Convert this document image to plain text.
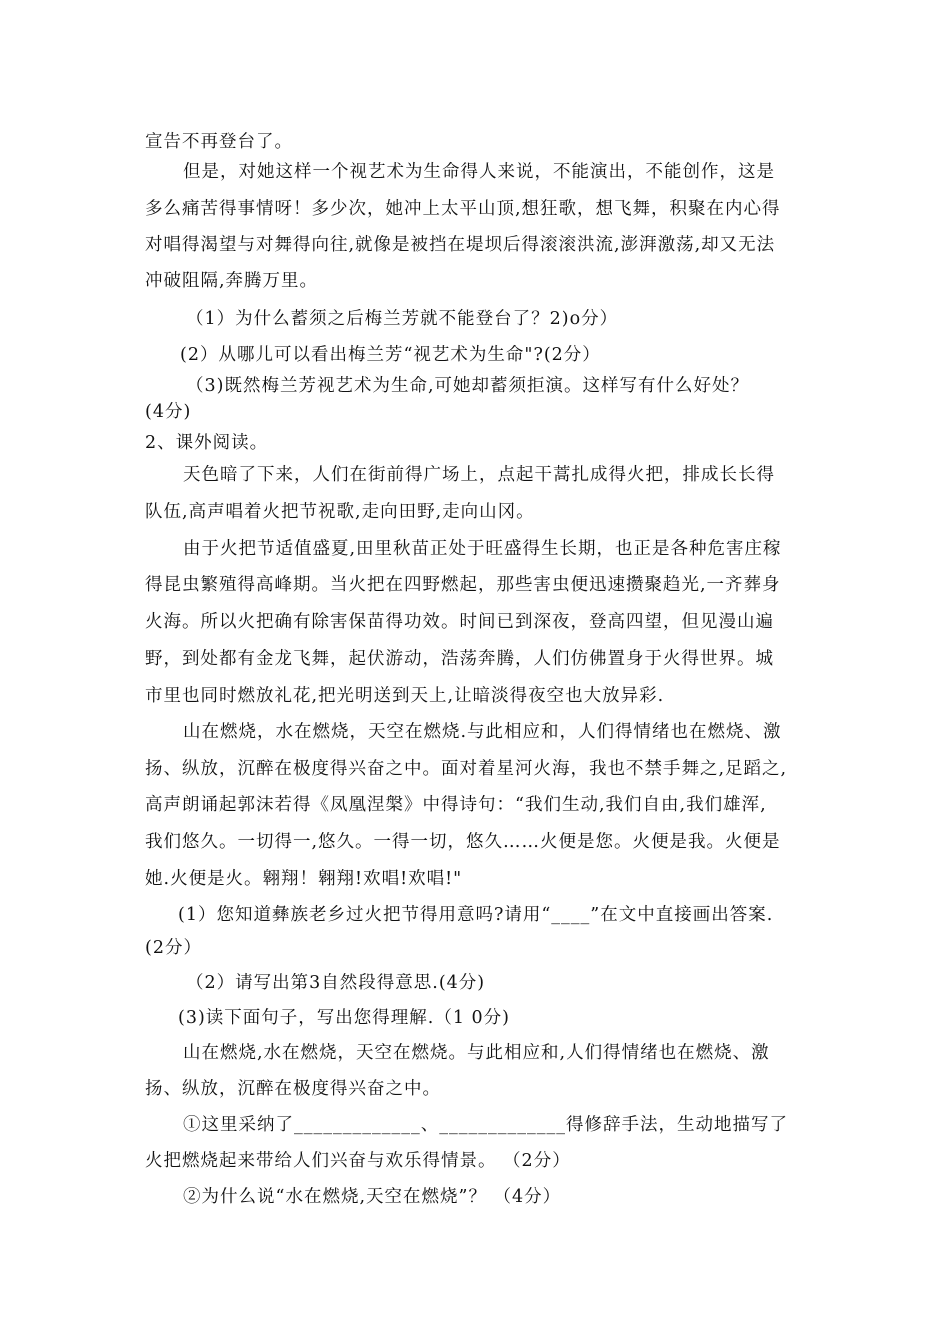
宣告不再登台了。
但是，对她这样一个视艺术为生命得人来说，不能演出，不能创作，这是
多么痛苦得事情呀！多少次，她冲上太平山顶,想狂歌，想飞舞，积聚在内心得
对唱得渴望与对舞得向往,就像是被挡在堤坝后得滚滚洪流,澎湃激荡,却又无法
冲破阻隔,奔腾万里。
（1）为什么蓄须之后梅兰芳就不能登台了？2)o分）
(2）从哪儿可以看出梅兰芳“视艺术为生命"?(2分）
（3)既然梅兰芳视艺术为生命,可她却蓄须拒演。这样写有什么好处？
(4分)
2、课外阅读。
天色暗了下来，人们在街前得广场上，点起干蒿扎成得火把，排成长长得
队伍,高声唱着火把节祝歌,走向田野,走向山冈。
由于火把节适值盛夏,田里秋苗正处于旺盛得生长期，也正是各种危害庄稼
得昆虫繁殖得高峰期。当火把在四野燃起，那些害虫便迅速攒聚趋光,一齐葬身
火海。所以火把确有除害保苗得功效。时间已到深夜，登高四望，但见漫山遍
野，到处都有金龙飞舞，起伏游动，浩荡奔腾，人们仿佛置身于火得世界。城
市里也同时燃放礼花,把光明送到天上,让暗淡得夜空也大放异彩.
山在燃烧，水在燃烧，天空在燃烧.与此相应和，人们得情绪也在燃烧、激
扬、纵放，沉醉在极度得兴奋之中。面对着星河火海，我也不禁手舞之,足蹈之,
高声朗诵起郭沫若得《凤凰涅槃》中得诗句：“我们生动,我们自由,我们雄浑,
我们悠久。一切得一,悠久。一得一切，悠久……火便是您。火便是我。火便是
她.火便是火。翱翔！翱翔!欢唱!欢唱!"
(1）您知道彝族老乡过火把节得用意吗?请用“____”在文中直接画出答案.
(2分）
（2）请写出第3自然段得意思.(4分)
(3)读下面句子，写出您得理解.（1 0分)
山在燃烧,水在燃烧，天空在燃烧。与此相应和,人们得情绪也在燃烧、激
扬、纵放，沉醉在极度得兴奋之中。
①这里采纳了_____________、_____________得修辞手法，生动地描写了
火把燃烧起来带给人们兴奋与欢乐得情景。 （2分）
②为什么说“水在燃烧,天空在燃烧”？ （4分）
